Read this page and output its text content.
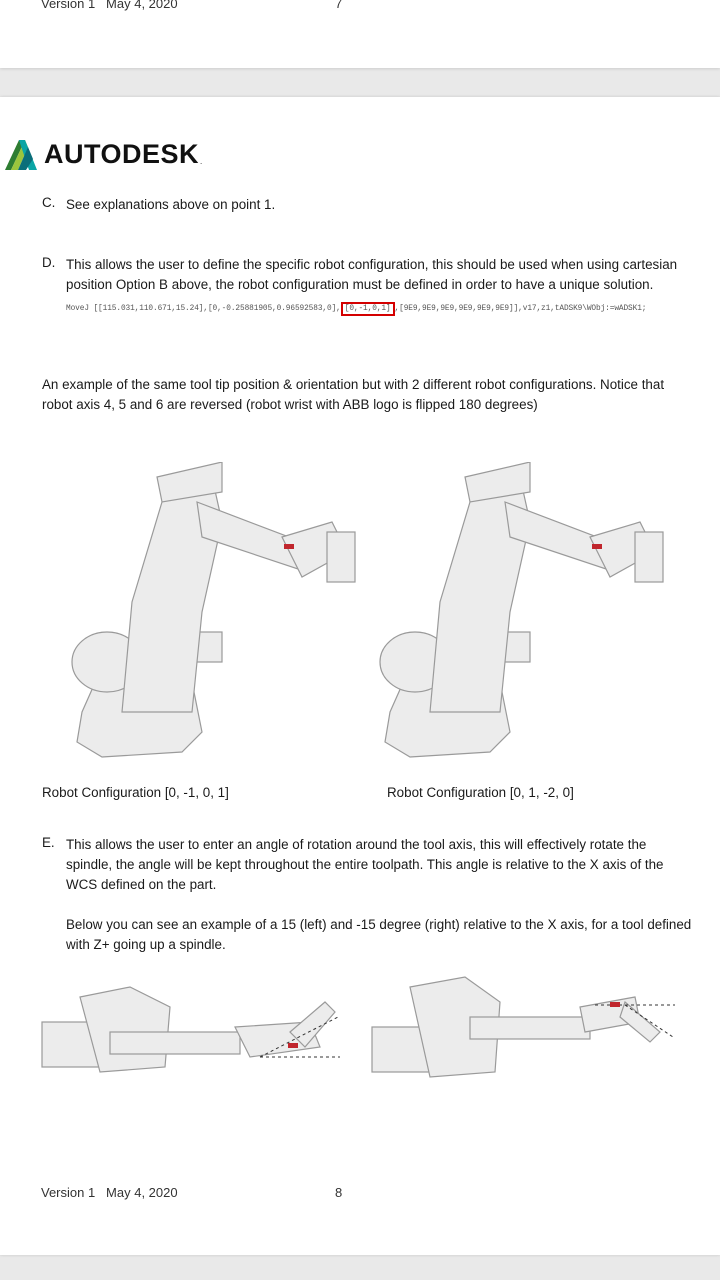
Version 1 May 4, 2020	7
AUTODESK .
C. See explanations above on point 1.
D. This allows the user to define the specific robot configuration, this should be used when using cartesian position Option B above, the robot configuration must be defined in order to have a unique solution.
MoveJ [[115.031,110.671,15.24],[0,-0.25881905,0.96592583,0], [0,-1,0,1] ,[9E9,9E9,9E9,9E9,9E9,9E9]],v17,z1,tADSK9\WObj:=wADSK1;
An example of the same tool tip position & orientation but with 2 different robot configurations. Notice that robot axis 4, 5 and 6 are reversed (robot wrist with ABB logo is flipped 180 degrees)
Robot Configuration [0, -1, 0, 1]	Robot Configuration [0, 1, -2, 0]
E. This allows the user to enter an angle of rotation around the tool axis, this will effectively rotate the spindle, the angle will be kept throughout the entire toolpath. This angle is relative to the X axis of the WCS defined on the part.
Below you can see an example of a 15 (left) and -15 degree (right) relative to the X axis, for a tool defined with Z+ going up a spindle.
Version 1 May 4, 2020	8
